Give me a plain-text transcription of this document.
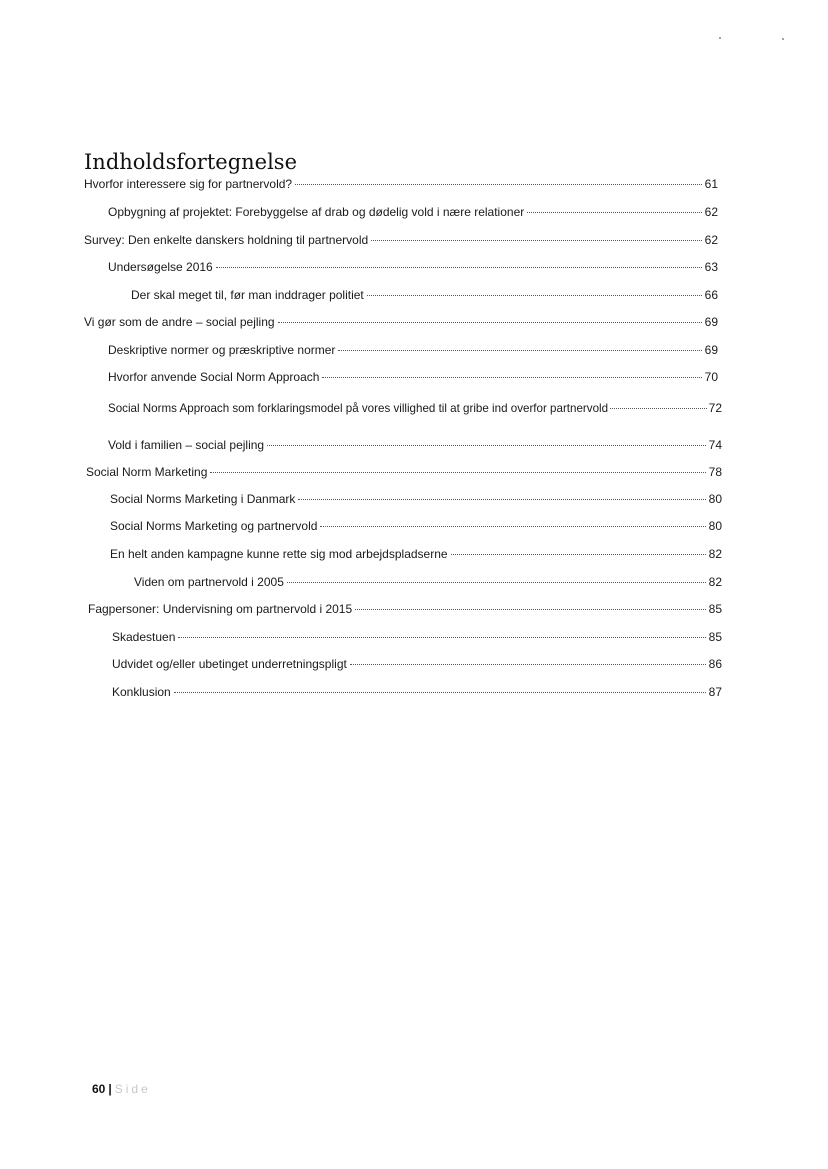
Indholdsfortegnelse
Hvorfor interessere sig for partnervold?	61
Opbygning af projektet: Forebyggelse af drab og dødelig vold i nære relationer	62
Survey: Den enkelte danskers holdning til partnervold	62
Undersøgelse 2016	63
Der skal meget til, før man inddrager politiet	66
Vi gør som de andre – social pejling	69
Deskriptive normer og præskriptive normer	69
Hvorfor anvende Social Norm Approach	70
Social Norms Approach som forklaringsmodel på vores villighed til at gribe ind overfor partnervold	72
Vold i familien – social pejling	74
Social Norm Marketing	78
Social Norms Marketing i Danmark	80
Social Norms Marketing og partnervold	80
En helt anden kampagne kunne rette sig mod arbejdspladserne	82
Viden om partnervold i 2005	82
Fagpersoner: Undervisning om partnervold i 2015	85
Skadestuen	85
Udvidet og/eller ubetinget underretningspligt	86
Konklusion	87
60 | Side
